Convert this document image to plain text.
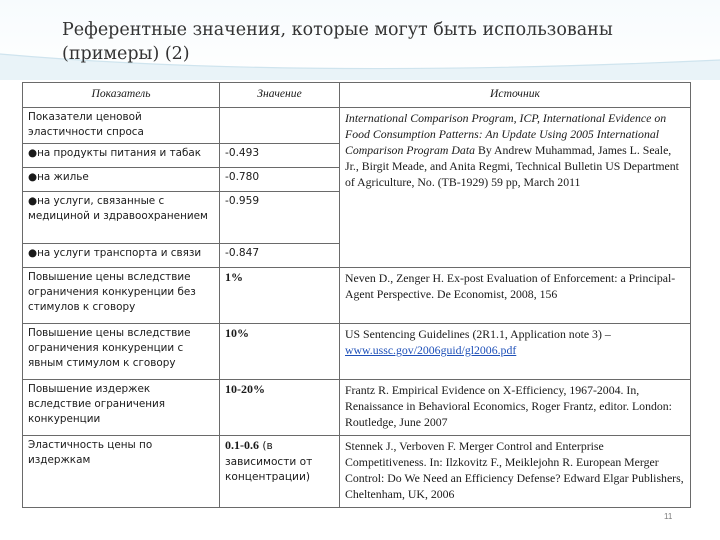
Референтные значения, которые могут быть использованы
(примеры) (2)
Показатель	Значение	Источник
Показатели ценовой эластичности спроса		International Comparison Program, ICP, International Evidence on Food Consumption Patterns: An Update Using 2005 International Comparison Program Data By Andrew Muhammad, James L. Seale, Jr., Birgit Meade, and Anita Regmi, Technical Bulletin US Department of Agriculture, No. (TB-1929) 59 pp, March 2011
●на продукты питания и табак	-0.493	
●на жилье	-0.780	
●на услуги, связанные с медициной и здравоохранением	-0.959	
●на услуги транспорта и связи	-0.847	
Повышение цены вследствие ограничения конкуренции без стимулов к сговору	1%	Neven D., Zenger H. Ex-post Evaluation of Enforcement: a Principal-Agent Perspective. De Economist, 2008, 156
Повышение цены вследствие ограничения конкуренции с явным стимулом к сговору	10%	US Sentencing Guidelines (2R1.1, Application note 3) –
www.ussc.gov/2006guid/gl2006.pdf
Повышение издержек вследствие ограничения конкуренции	10-20%	Frantz R. Empirical Evidence on X-Efficiency, 1967-2004. In, Renaissance in Behavioral Economics, Roger Frantz, editor. London: Routledge, June 2007
Эластичность цены по издержкам	0.1-0.6 (в зависимости от концентрации)	Stennek J., Verboven F. Merger Control and Enterprise Competitiveness. In: Ilzkovitz F., Meiklejohn R. European Merger Control: Do We Need an Efficiency Defense? Edward Elgar Publishers, Cheltenham, UK, 2006
11
